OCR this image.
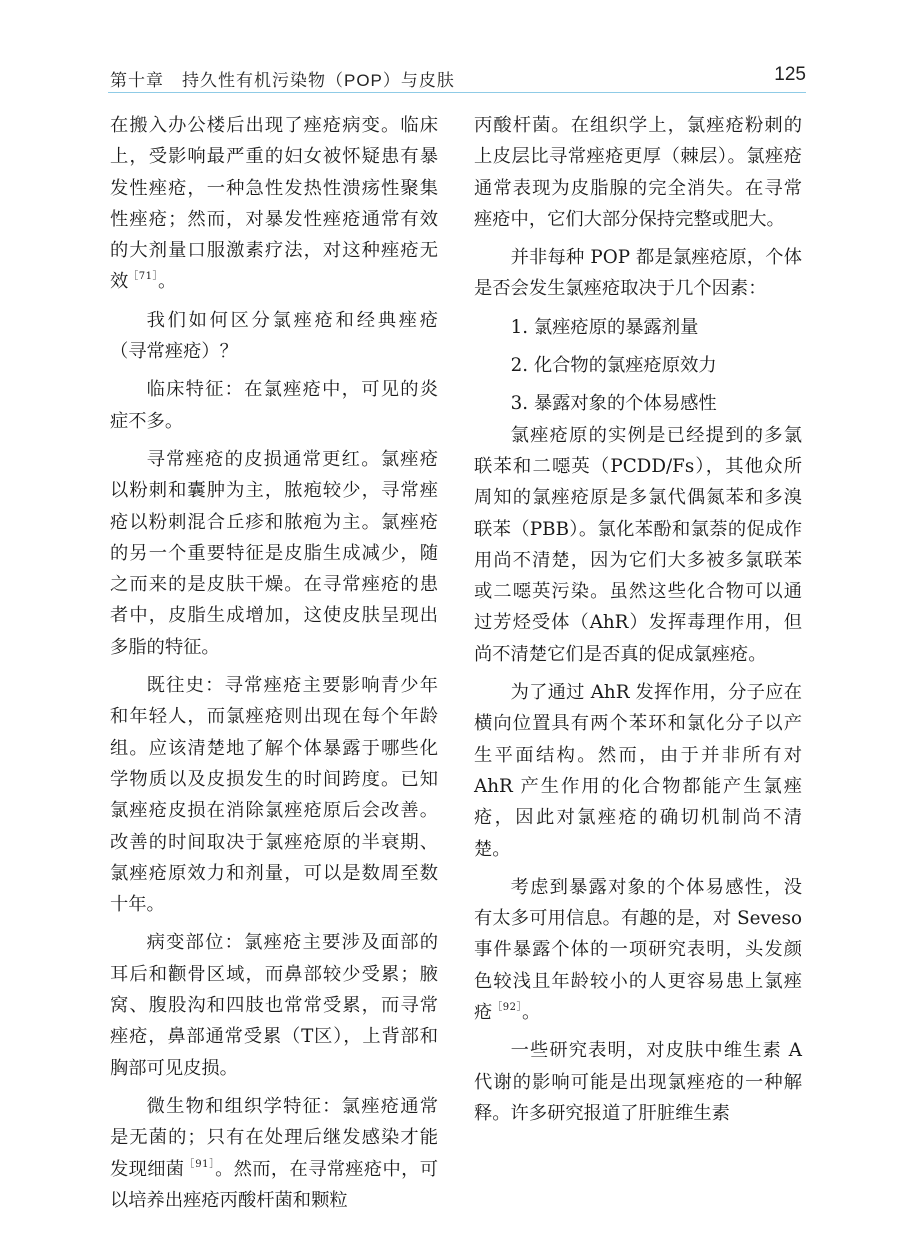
第十章　持久性有机污染物（POP）与皮肤	125

在搬入办公楼后出现了痤疮病变。临床上，受影响最严重的妇女被怀疑患有暴发性痤疮，一种急性发热性溃疡性聚集性痤疮；然而，对暴发性痤疮通常有效的大剂量口服激素疗法，对这种痤疮无效$^{[71]}$。

我们如何区分氯痤疮和经典痤疮（寻常痤疮）？

临床特征：在氯痤疮中，可见的炎症不多。

寻常痤疮的皮损通常更红。氯痤疮以粉刺和囊肿为主，脓疱较少，寻常痤疮以粉刺混合丘疹和脓疱为主。氯痤疮的另一个重要特征是皮脂生成减少，随之而来的是皮肤干燥。在寻常痤疮的患者中，皮脂生成增加，这使皮肤呈现出多脂的特征。

既往史：寻常痤疮主要影响青少年和年轻人，而氯痤疮则出现在每个年龄组。应该清楚地了解个体暴露于哪些化学物质以及皮损发生的时间跨度。已知氯痤疮皮损在消除氯痤疮原后会改善。改善的时间取决于氯痤疮原的半衰期、氯痤疮原效力和剂量，可以是数周至数十年。

病变部位：氯痤疮主要涉及面部的耳后和颧骨区域，而鼻部较少受累；腋窝、腹股沟和四肢也常常受累，而寻常痤疮，鼻部通常受累（T区），上背部和胸部可见皮损。

微生物和组织学特征：氯痤疮通常是无菌的；只有在处理后继发感染才能发现细菌$^{[91]}$。然而，在寻常痤疮中，可以培养出痤疮丙酸杆菌和颗粒

丙酸杆菌。在组织学上，氯痤疮粉刺的上皮层比寻常痤疮更厚（棘层）。氯痤疮通常表现为皮脂腺的完全消失。在寻常痤疮中，它们大部分保持完整或肥大。

并非每种 POP 都是氯痤疮原，个体是否会发生氯痤疮取决于几个因素：

1. 氯痤疮原的暴露剂量

2. 化合物的氯痤疮原效力

3. 暴露对象的个体易感性

氯痤疮原的实例是已经提到的多氯联苯和二噁英（PCDD/Fs），其他众所周知的氯痤疮原是多氯代偶氮苯和多溴联苯（PBB）。氯化苯酚和氯萘的促成作用尚不清楚，因为它们大多被多氯联苯或二噁英污染。虽然这些化合物可以通过芳烃受体（AhR）发挥毒理作用，但尚不清楚它们是否真的促成氯痤疮。

为了通过 AhR 发挥作用，分子应在横向位置具有两个苯环和氯化分子以产生平面结构。然而，由于并非所有对 AhR 产生作用的化合物都能产生氯痤疮，因此对氯痤疮的确切机制尚不清楚。

考虑到暴露对象的个体易感性，没有太多可用信息。有趣的是，对 Seveso 事件暴露个体的一项研究表明，头发颜色较浅且年龄较小的人更容易患上氯痤疮$^{[92]}$。

一些研究表明，对皮肤中维生素 A 代谢的影响可能是出现氯痤疮的一种解释。许多研究报道了肝脏维生素
